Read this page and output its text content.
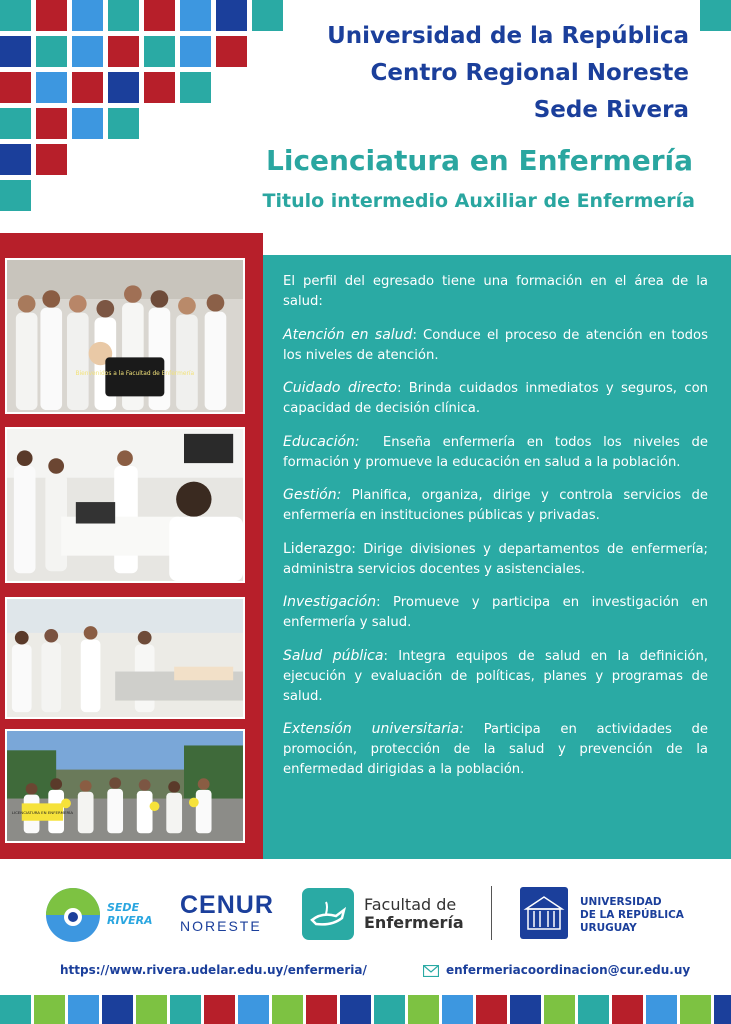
Universidad de la República
Centro Regional Noreste
Sede Rivera
Licenciatura en Enfermería
Titulo intermedio Auxiliar de Enfermería
Bienvenidos a la Facultad de Enfermería
LICENCIATURA EN ENFERMERÍA

El perfil del egresado tiene una formación en el área de la salud:

Atención en salud: Conduce el proceso de atención en todos los niveles de atención.

Cuidado directo: Brinda cuidados inmediatos y seguros, con capacidad de decisión clínica.

Educación: Enseña enfermería en todos los niveles de formación y promueve la educación en salud a la población.

Gestión: Planifica, organiza, dirige y controla servicios de enfermería en instituciones públicas y privadas.

Liderazgo: Dirige divisiones y departamentos de enfermería; administra servicios docentes y asistenciales.

Investigación: Promueve y participa en investigación en enfermería y salud.

Salud pública: Integra equipos de salud en la definición, ejecución y evaluación de políticas, planes y programas de salud.

Extensión universitaria: Participa en actividades de promoción, protección de la salud y prevención de la enfermedad dirigidas a la población.

SEDE
RIVERA
CENUR
NORESTE
Facultad de
Enfermería
UNIVERSIDAD
DE LA REPÚBLICA
URUGUAY
https://www.rivera.udelar.edu.uy/enfermeria/	enfermeriacoordinacion@cur.edu.uy
